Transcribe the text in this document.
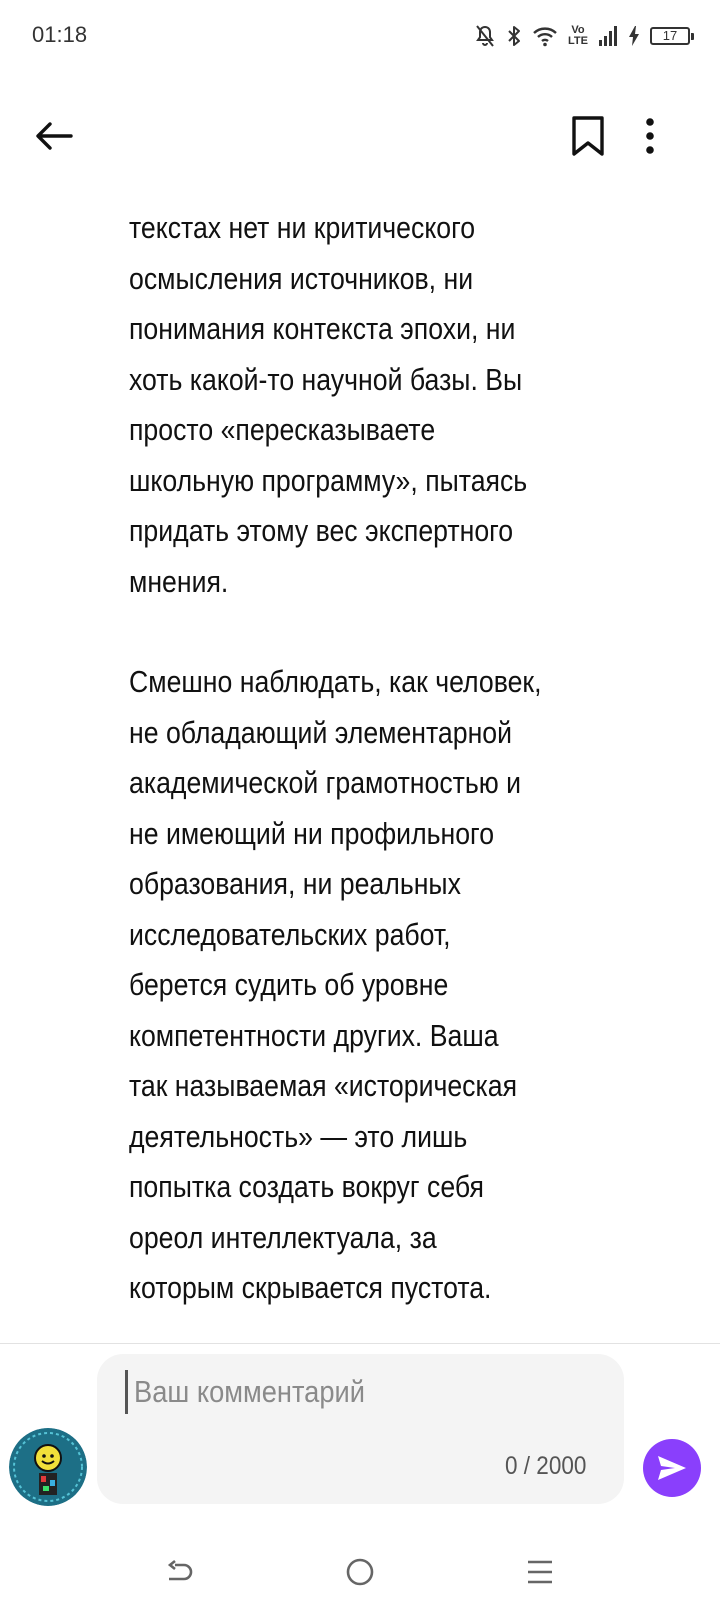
01:18	Vo
LTE	17

текстах нет ни критического
осмысления источников, ни
понимания контекста эпохи, ни
хоть какой-то научной базы. Вы
просто «пересказываете
школьную программу», пытаясь
придать этому вес экспертного
мнения.

Смешно наблюдать, как человек,
не обладающий элементарной
академической грамотностью и
не имеющий ни профильного
образования, ни реальных
исследовательских работ,
берется судить об уровне
компетентности других. Ваша
так называемая «историческая
деятельность» — это лишь
попытка создать вокруг себя
ореол интеллектуала, за
которым скрывается пустота.

Ваш комментарий
0 / 2000
